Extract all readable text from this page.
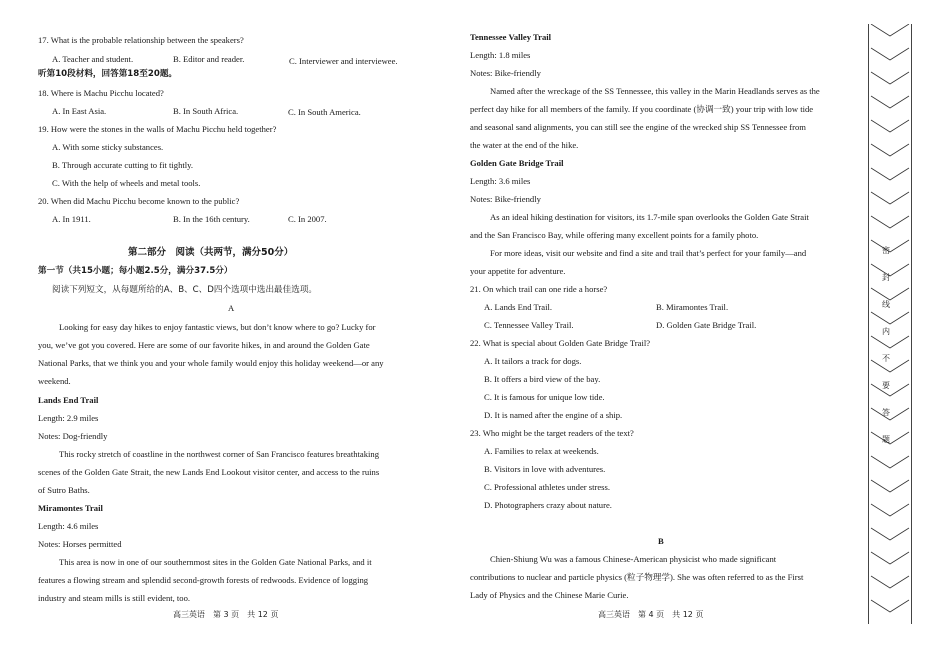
17. What is the probable relationship between the speakers?
A. Teacher and student.	B. Editor and reader.	C. Interviewer and interviewee.
听第10段材料，回答第18至20题。
18. Where is Machu Picchu located?
A. In East Asia.	B. In South Africa.	C. In South America.
19. How were the stones in the walls of Machu Picchu held together?
A. With some sticky substances.
B. Through accurate cutting to fit tightly.
C. With the help of wheels and metal tools.
20. When did Machu Picchu become known to the public?
A. In 1911.	B. In the 16th century.	C. In 2007.
第二部分　阅读（共两节，满分50分）
第一节（共15小题；每小题2.5分，满分37.5分）
阅读下列短文，从每题所给的A、B、C、D四个选项中选出最佳选项。
A
Looking for easy day hikes to enjoy fantastic views, but don’t know where to go? Lucky for
you, we’ve got you covered. Here are some of our favorite hikes, in and around the Golden Gate
National Parks, that we think you and your whole family would enjoy this holiday weekend—or any
weekend.
Lands End Trail
Length: 2.9 miles
Notes: Dog-friendly
This rocky stretch of coastline in the northwest corner of San Francisco features breathtaking
scenes of the Golden Gate Strait, the new Lands End Lookout visitor center, and access to the ruins
of Sutro Baths.
Miramontes Trail
Length: 4.6 miles
Notes: Horses permitted
This area is now in one of our southernmost sites in the Golden Gate National Parks, and it
features a flowing stream and splendid second-growth forests of redwoods. Evidence of logging
industry and steam mills is still evident, too.
高三英语　第 3 页　共 12 页
Tennessee Valley Trail
Length: 1.8 miles
Notes: Bike-friendly
Named after the wreckage of the SS Tennessee, this valley in the Marin Headlands serves as the
perfect day hike for all members of the family. If you coordinate (协调一致) your trip with low tide
and seasonal sand alignments, you can still see the engine of the wrecked ship SS Tennessee from
the water at the end of the hike.
Golden Gate Bridge Trail
Length: 3.6 miles
Notes: Bike-friendly
As an ideal hiking destination for visitors, its 1.7-mile span overlooks the Golden Gate Strait
and the San Francisco Bay, while offering many excellent points for a family photo.
For more ideas, visit our website and find a site and trail that’s perfect for your family—and
your appetite for adventure.
21. On which trail can one ride a horse?
A. Lands End Trail.	B. Miramontes Trail.
C. Tennessee Valley Trail.	D. Golden Gate Bridge Trail.
22. What is special about Golden Gate Bridge Trail?
A. It tailors a track for dogs.
B. It offers a bird view of the bay.
C. It is famous for unique low tide.
D. It is named after the engine of a ship.
23. Who might be the target readers of the text?
A. Families to relax at weekends.
B. Visitors in love with adventures.
C. Professional athletes under stress.
D. Photographers crazy about nature.
B
Chien-Shiung Wu was a famous Chinese-American physicist who made significant
contributions to nuclear and particle physics (粒子物理学). She was often referred to as the First
Lady of Physics and the Chinese Marie Curie.
高三英语　第 4 页　共 12 页
密
封
线
内
不
要
答
题
